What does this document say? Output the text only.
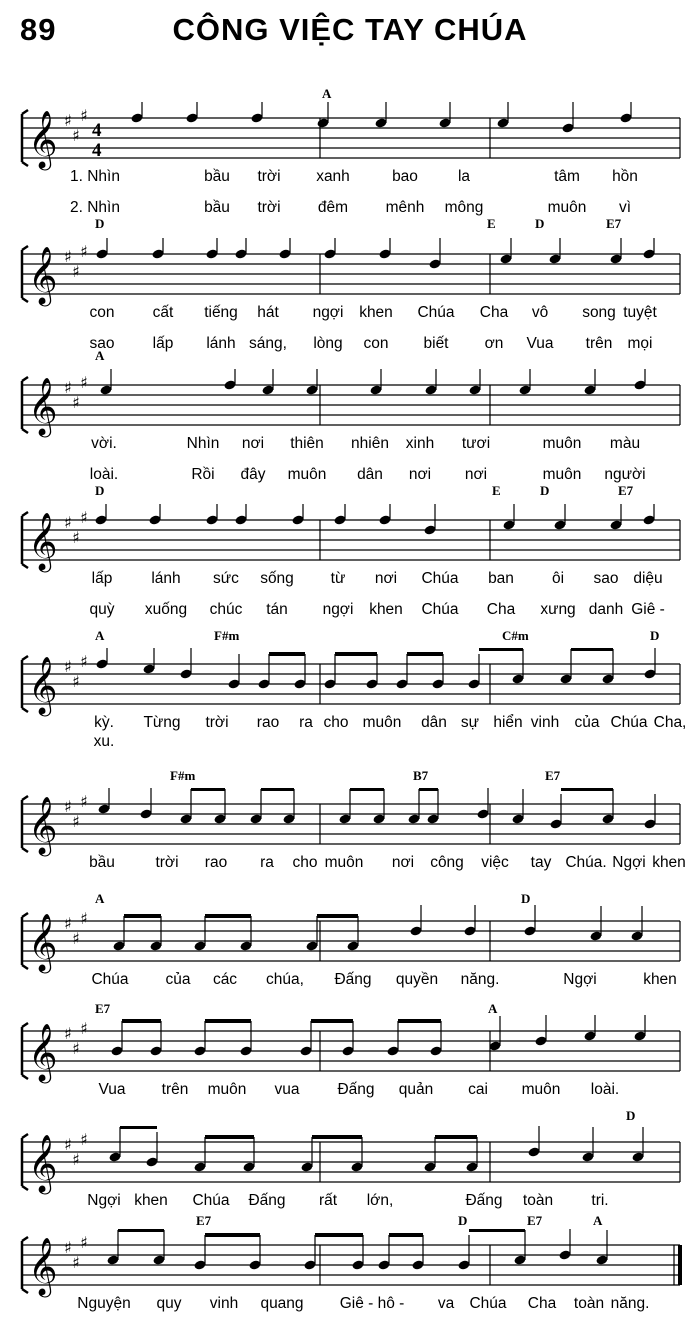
89	CÔNG VIỆC TAY CHÚA
A
𝄞 ♯
♯
♯
4
4
1. Nhìn	bầu trời xanh	bao	la	tâm hồn
2. Nhìn	bầu trời đêm mênh mông	muôn vì
D	E	D	E7
𝄞 ♯
♯
♯
con cất tiếng hát ngợi khen Chúa Cha vô song tuyệt
sao lấp lánh sáng, lòng con biết ơn Vua trên mọi
A
𝄞 ♯
♯
♯
vời.	Nhìn nơi thiên nhiên xinh tươi	muôn màu
loài.	Rồi đây muôn dân nơi nơi	muôn người
D	E	D	E7
𝄞 ♯
♯
♯
lấp	lánh sức sống từ nơi Chúa ban ôi sao diệu
quỳ xuống chúc tán ngợi khen Chúa Cha xưng danh Giê -
A	F#m	C#m	D
𝄞 ♯
♯
♯
kỳ. Từng trời rao ra cho muôn dân sự hiển vinh của Chúa Cha,
xu.
F#m	B7	E7
𝄞 ♯
♯
♯
bầu	trời rao ra cho muôn nơi công việc tay Chúa. Ngợi khen
A	D
𝄞 ♯
♯
♯
Chúa của các chúa, Đấng quyền năng.	Ngợi	khen
E7	A
𝄞 ♯
♯
♯
Vua trên muôn vua Đấng quản cai muôn loài.
D
𝄞 ♯
♯
♯
Ngợi khen Chúa Đấng rất lớn,	Đấng toàn tri.
E7	D	E7	A
𝄞 ♯
♯
♯
Nguyện quy vinh quang Giê - hô - va Chúa Cha toàn năng.
